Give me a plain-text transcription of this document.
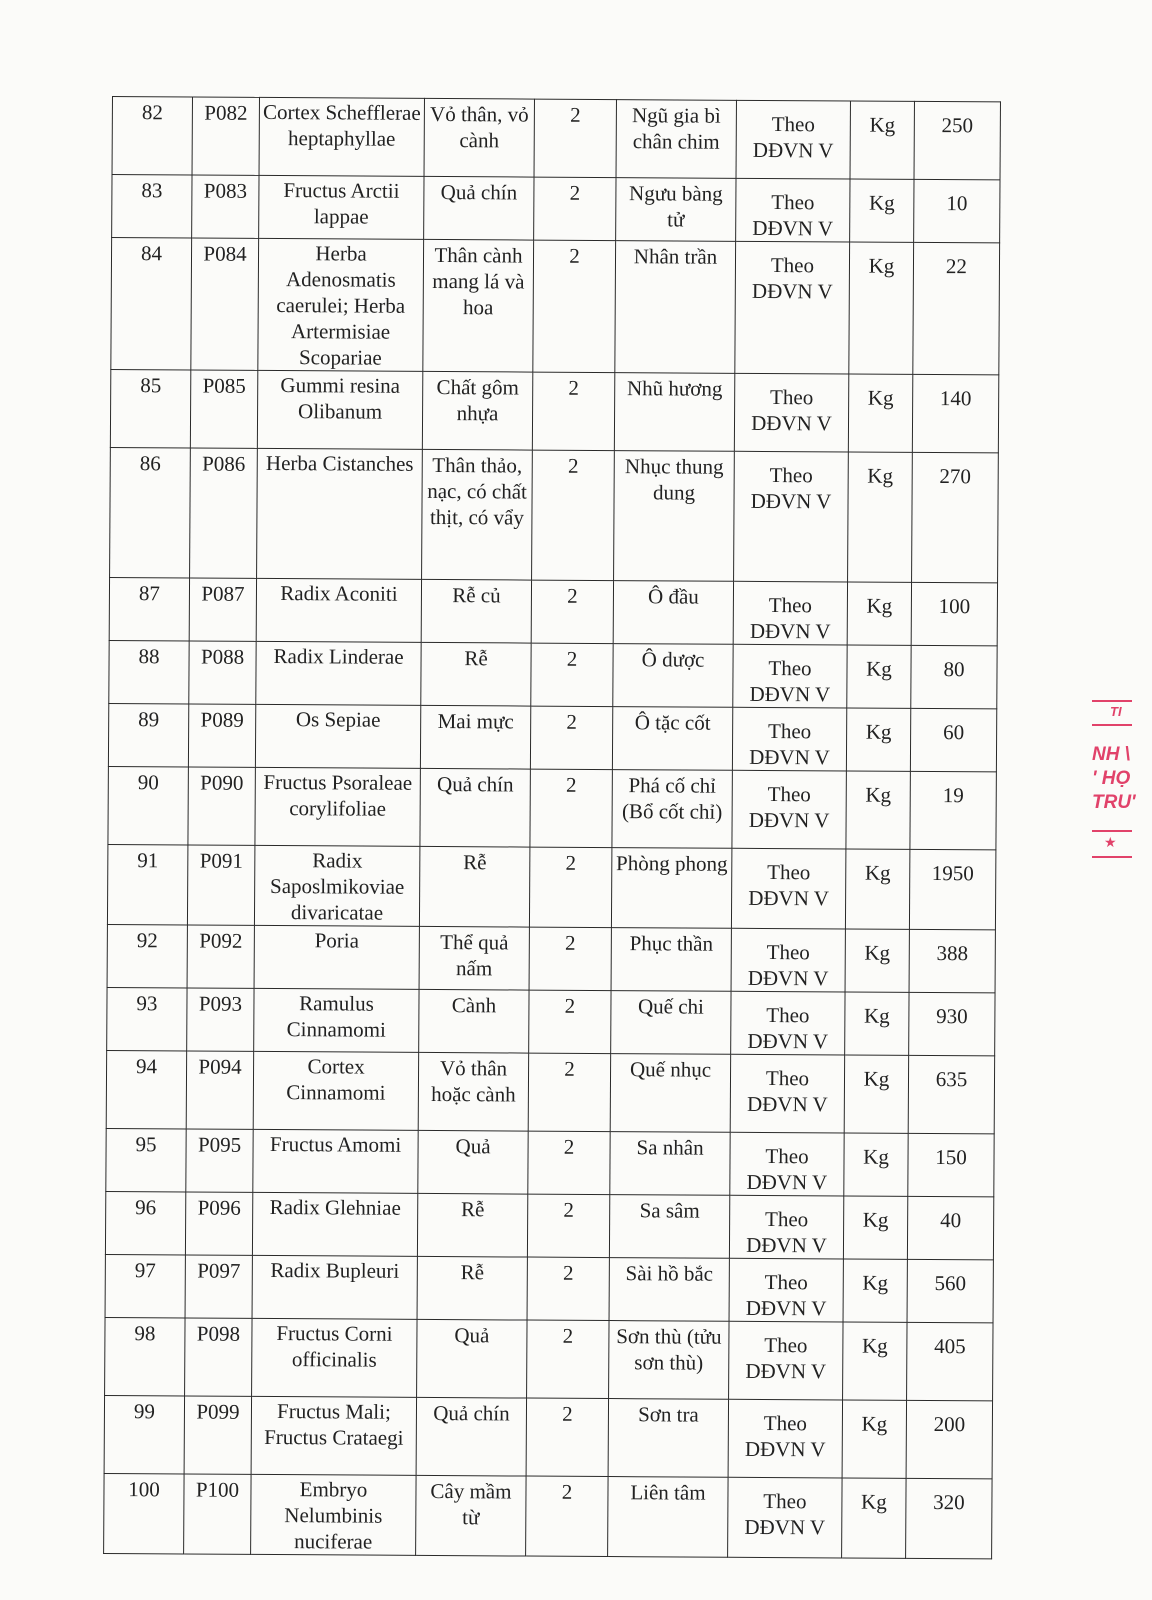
82	P082	Cortex Schefflerae heptaphyllae	Vỏ thân, vỏ cành	2	Ngũ gia bì chân chim	Theo DĐVN V	Kg	250
83	P083	Fructus Arctii lappae	Quả chín	2	Ngưu bàng tử	Theo DĐVN V	Kg	10
84	P084	Herba Adenosmatis caerulei; Herba Artermisiae Scopariae	Thân cành mang lá và hoa	2	Nhân trần	Theo DĐVN V	Kg	22
85	P085	Gummi resina Olibanum	Chất gôm nhựa	2	Nhũ hương	Theo DĐVN V	Kg	140
86	P086	Herba Cistanches	Thân thảo, nạc, có chất thịt, có vẩy	2	Nhục thung dung	Theo DĐVN V	Kg	270
87	P087	Radix Aconiti	Rễ củ	2	Ô đầu	Theo DĐVN V	Kg	100
88	P088	Radix Linderae	Rễ	2	Ô dược	Theo DĐVN V	Kg	80
89	P089	Os Sepiae	Mai mực	2	Ô tặc cốt	Theo DĐVN V	Kg	60
90	P090	Fructus Psoraleae corylifoliae	Quả chín	2	Phá cố chỉ (Bổ cốt chỉ)	Theo DĐVN V	Kg	19
91	P091	Radix Saposlmikoviae divaricatae	Rễ	2	Phòng phong	Theo DĐVN V	Kg	1950
92	P092	Poria	Thể quả nấm	2	Phục thần	Theo DĐVN V	Kg	388
93	P093	Ramulus Cinnamomi	Cành	2	Quế chi	Theo DĐVN V	Kg	930
94	P094	Cortex Cinnamomi	Vỏ thân hoặc cành	2	Quế nhục	Theo DĐVN V	Kg	635
95	P095	Fructus Amomi	Quả	2	Sa nhân	Theo DĐVN V	Kg	150
96	P096	Radix Glehniae	Rễ	2	Sa sâm	Theo DĐVN V	Kg	40
97	P097	Radix Bupleuri	Rễ	2	Sài hồ bắc	Theo DĐVN V	Kg	560
98	P098	Fructus Corni officinalis	Quả	2	Sơn thù (tửu sơn thù)	Theo DĐVN V	Kg	405
99	P099	Fructus Mali; Fructus Crataegi	Quả chín	2	Sơn tra	Theo DĐVN V	Kg	200
100	P100	Embryo Nelumbinis nuciferae	Cây mầm từ	2	Liên tâm	Theo DĐVN V	Kg	320
TI
NH \
' HỌ
TRU'
★
